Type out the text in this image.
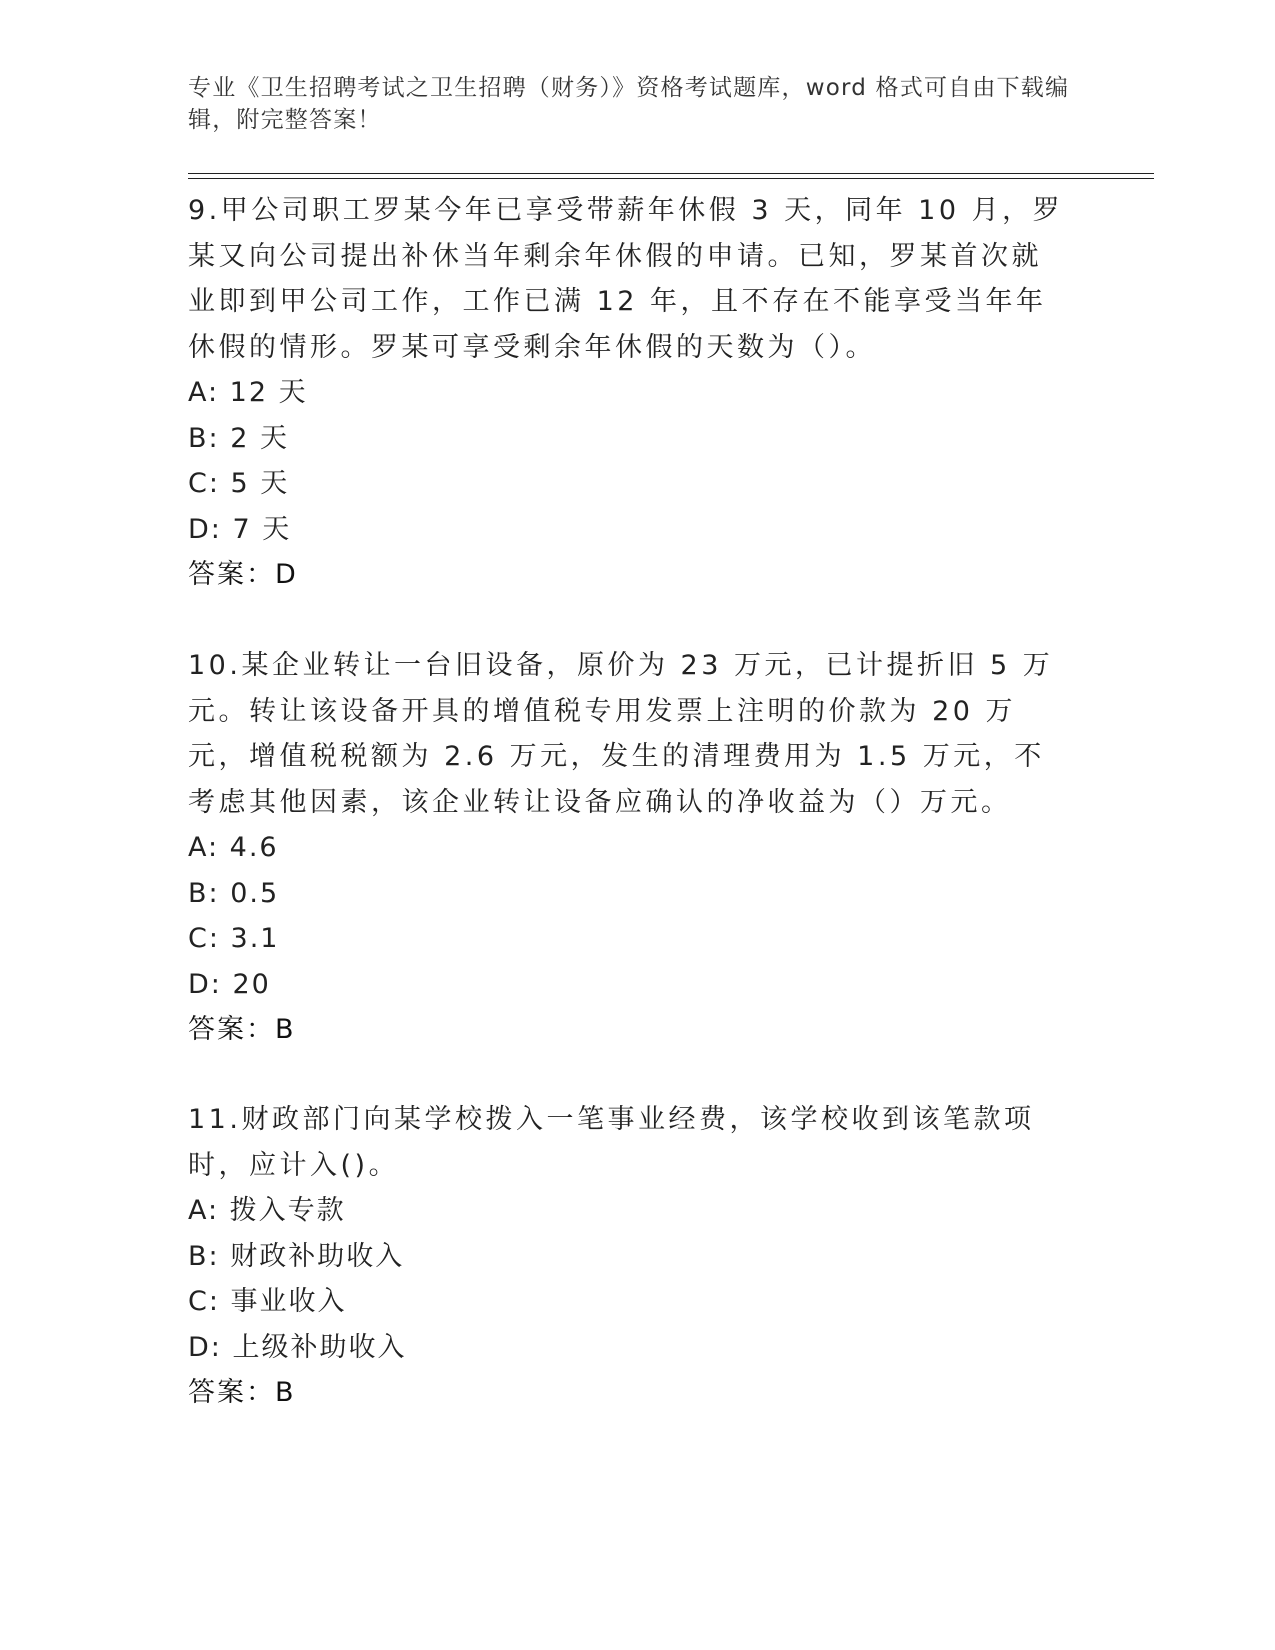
专业《卫生招聘考试之卫生招聘（财务）》资格考试题库，word 格式可自由下载编辑，附完整答案！
9.甲公司职工罗某今年已享受带薪年休假 3 天，同年 10 月，罗某又向公司提出补休当年剩余年休假的申请。已知，罗某首次就业即到甲公司工作，工作已满 12 年，且不存在不能享受当年年休假的情形。罗某可享受剩余年休假的天数为（）。
A: 12 天
B: 2 天
C: 5 天
D: 7 天
答案：D
10.某企业转让一台旧设备，原价为 23 万元，已计提折旧 5 万元。转让该设备开具的增值税专用发票上注明的价款为 20 万元，增值税税额为 2.6 万元，发生的清理费用为 1.5 万元，不考虑其他因素，该企业转让设备应确认的净收益为（）万元。
A: 4.6
B: 0.5
C: 3.1
D: 20
答案：B
11.财政部门向某学校拨入一笔事业经费，该学校收到该笔款项时，应计入()。
A: 拨入专款
B: 财政补助收入
C: 事业收入
D: 上级补助收入
答案：B
